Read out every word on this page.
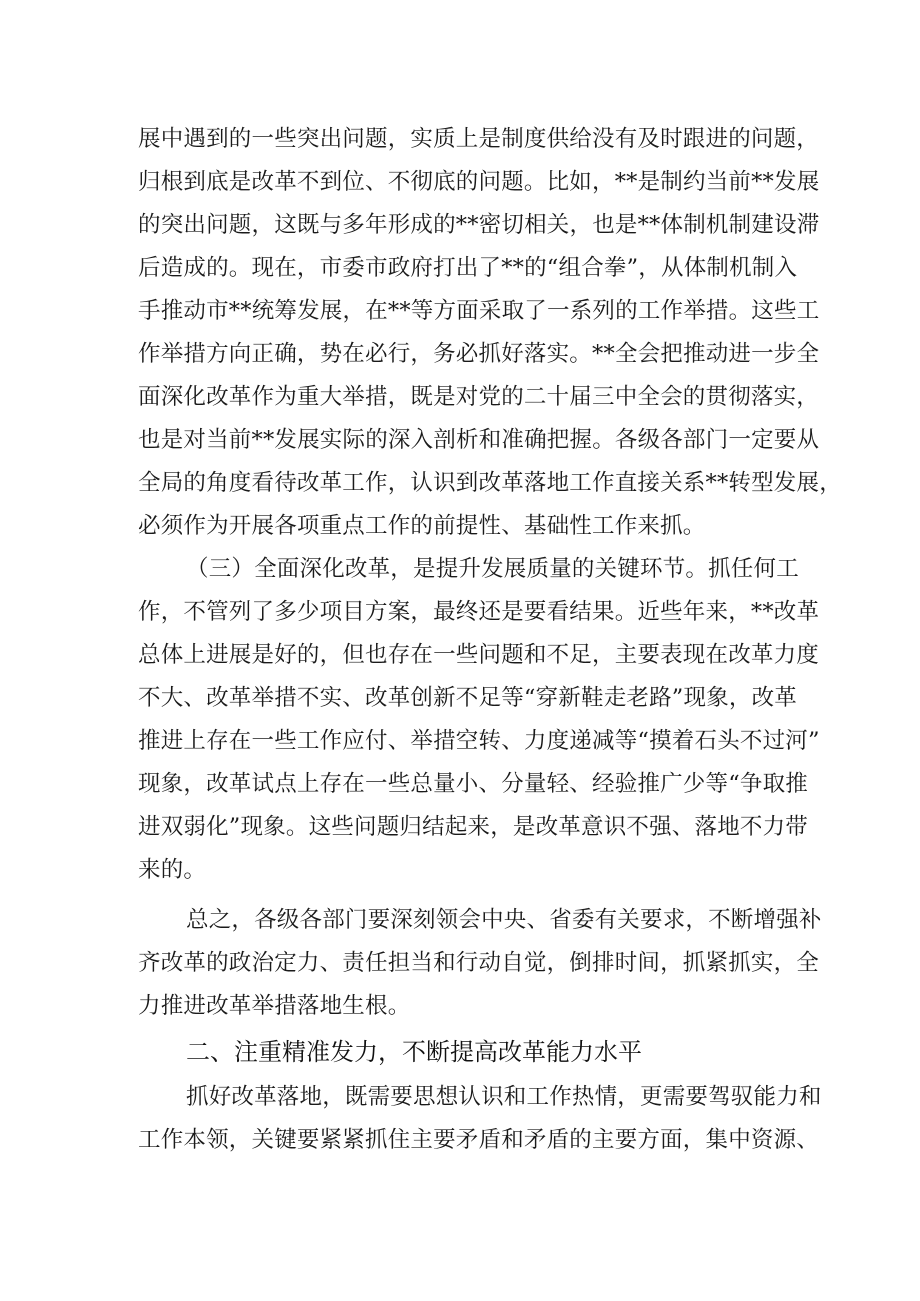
展中遇到的一些突出问题，实质上是制度供给没有及时跟进的问题，
归根到底是改革不到位、不彻底的问题。比如，**是制约当前**发展
的突出问题，这既与多年形成的**密切相关，也是**体制机制建设滞
后造成的。现在，市委市政府打出了**的“组合拳”，从体制机制入
手推动市**统筹发展，在**等方面采取了一系列的工作举措。这些工
作举措方向正确，势在必行，务必抓好落实。**全会把推动进一步全
面深化改革作为重大举措，既是对党的二十届三中全会的贯彻落实，
也是对当前**发展实际的深入剖析和准确把握。各级各部门一定要从
全局的角度看待改革工作，认识到改革落地工作直接关系**转型发展，
必须作为开展各项重点工作的前提性、基础性工作来抓。
（三）全面深化改革，是提升发展质量的关键环节。抓任何工
作，不管列了多少项目方案，最终还是要看结果。近些年来，**改革
总体上进展是好的，但也存在一些问题和不足，主要表现在改革力度
不大、改革举措不实、改革创新不足等“穿新鞋走老路”现象，改革
推进上存在一些工作应付、举措空转、力度递减等“摸着石头不过河”
现象，改革试点上存在一些总量小、分量轻、经验推广少等“争取推
进双弱化”现象。这些问题归结起来，是改革意识不强、落地不力带
来的。
总之，各级各部门要深刻领会中央、省委有关要求，不断增强补
齐改革的政治定力、责任担当和行动自觉，倒排时间，抓紧抓实，全
力推进改革举措落地生根。
二、注重精准发力，不断提高改革能力水平
抓好改革落地，既需要思想认识和工作热情，更需要驾驭能力和
工作本领，关键要紧紧抓住主要矛盾和矛盾的主要方面，集中资源、
